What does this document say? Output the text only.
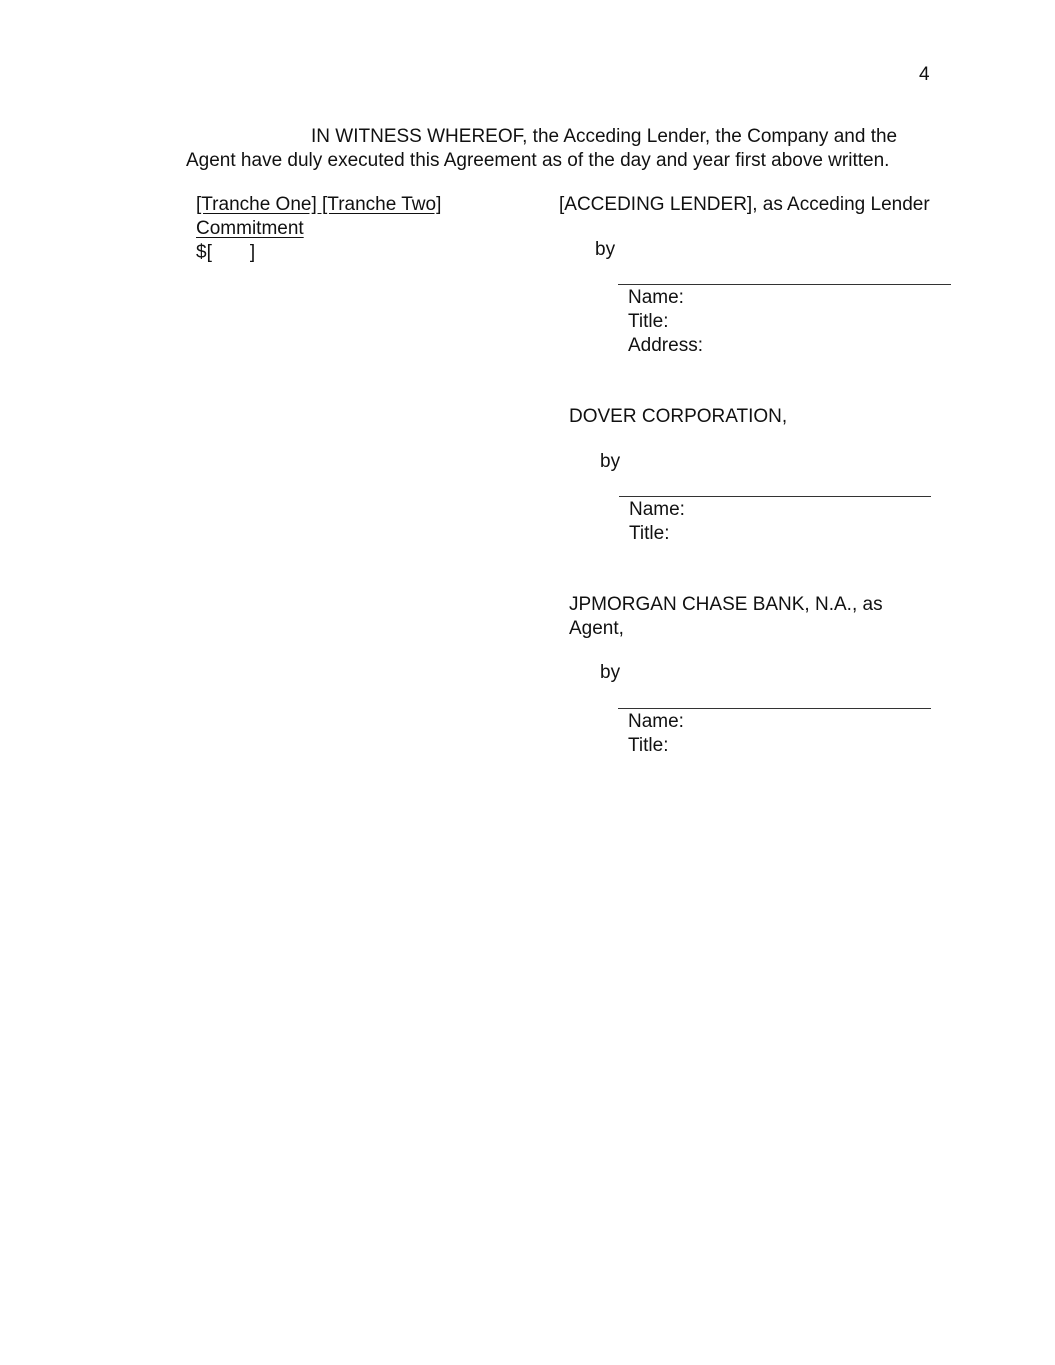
4
IN WITNESS WHEREOF, the Acceding Lender, the Company and the
Agent have duly executed this Agreement as of the day and year first above written.
[Tranche One] [Tranche Two]
Commitment
$[ ]
[ACCEDING LENDER], as Acceding Lender
by
Name:
Title:
Address:
DOVER CORPORATION,
by
Name:
Title:
JPMORGAN CHASE BANK, N.A., as
Agent,
by
Name:
Title:
